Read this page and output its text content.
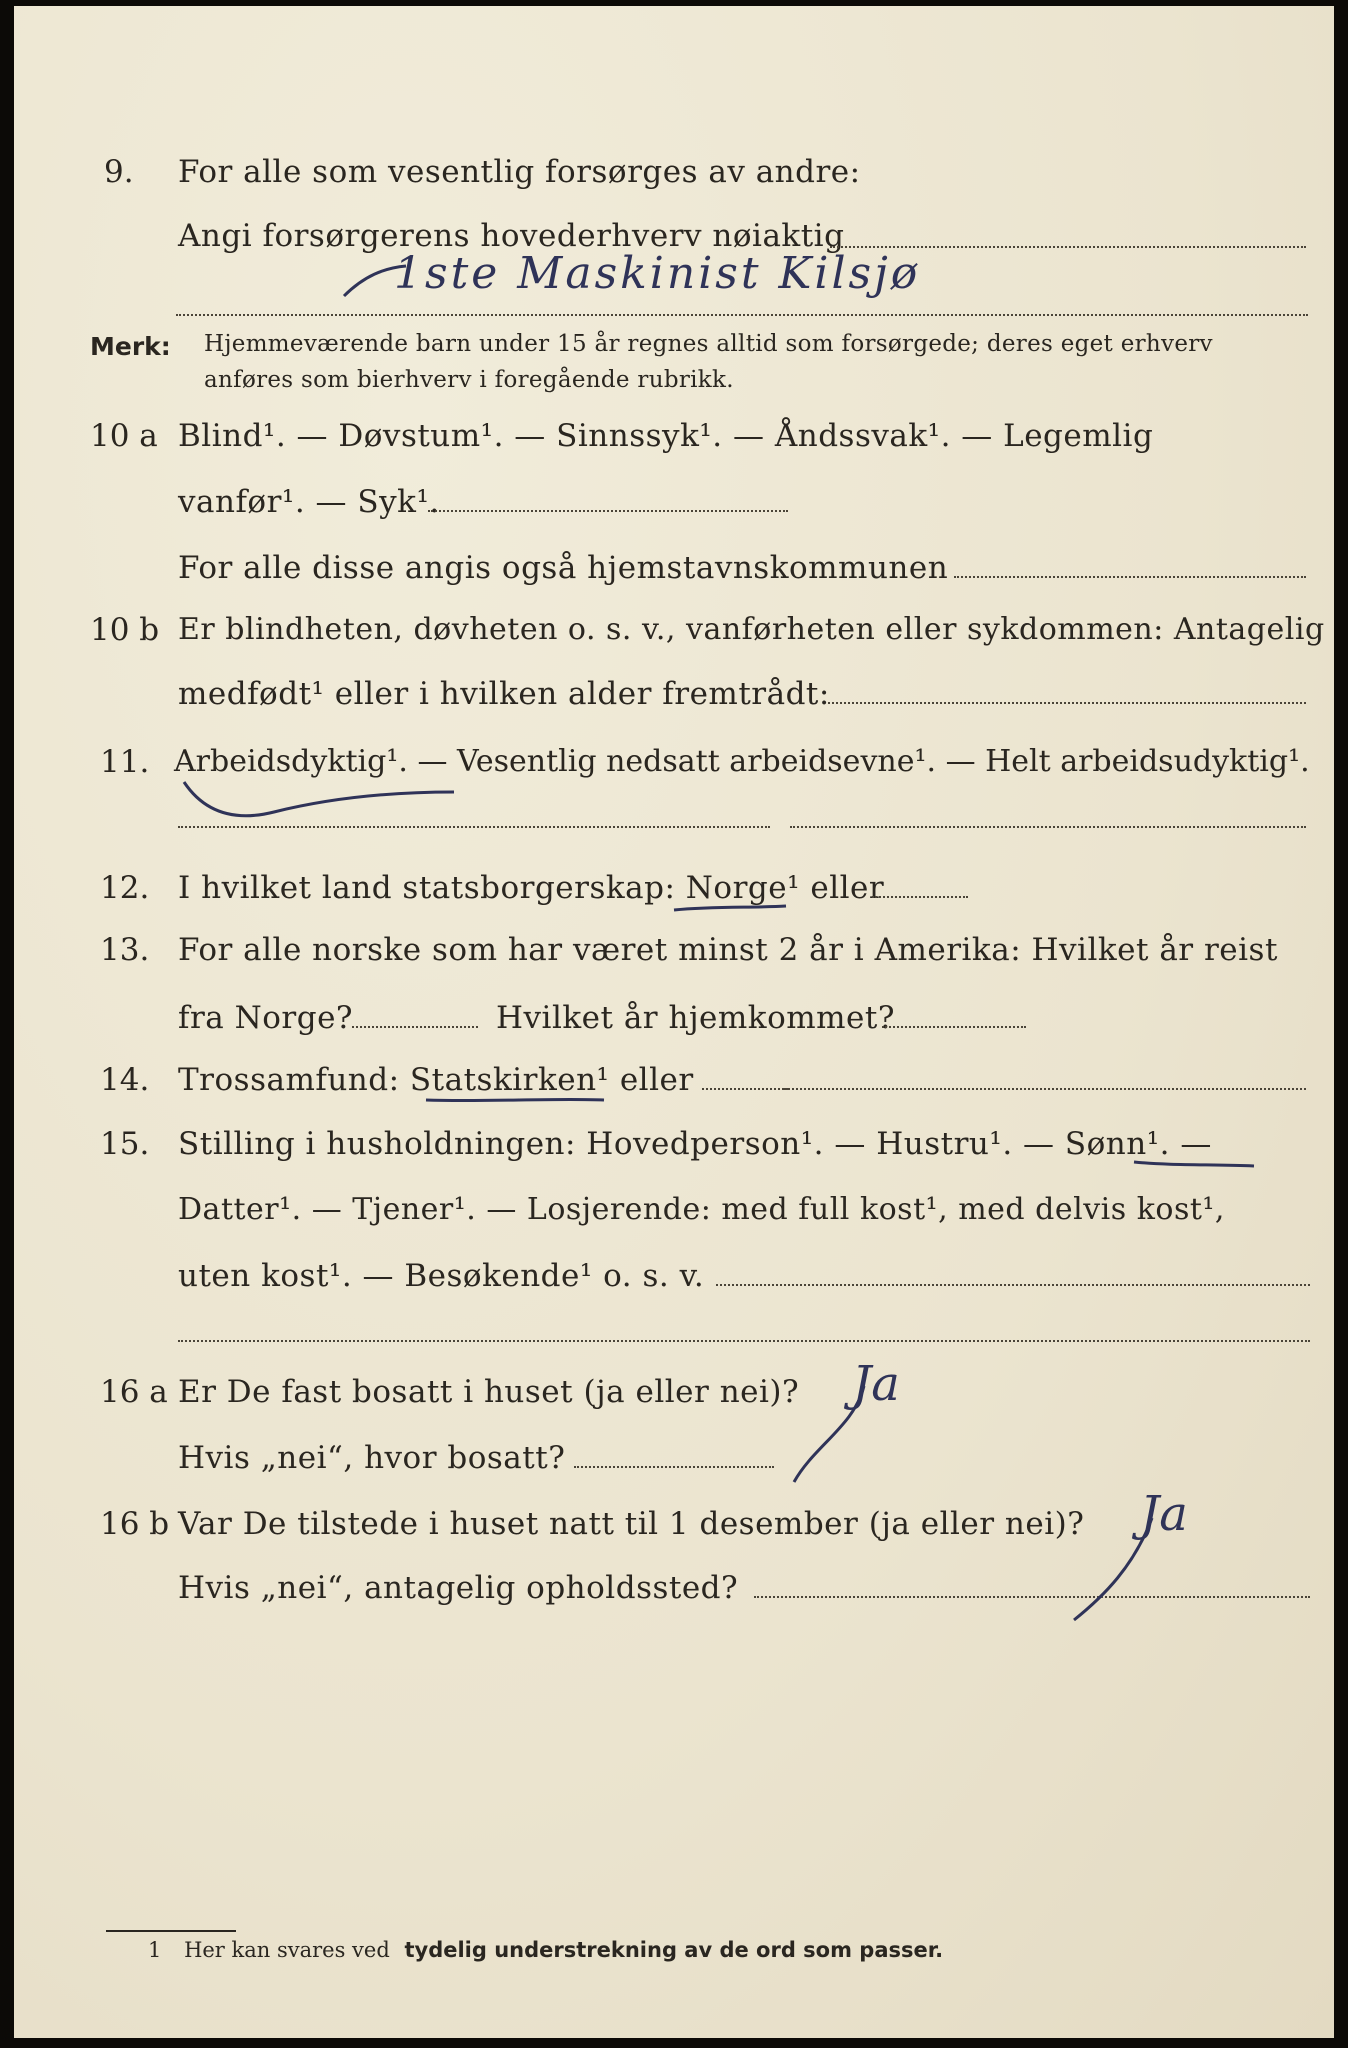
9. For alle som vesentlig forsørges av andre:
Angi forsørgerens hovederhverv nøiaktig
1ste Maskinist Kilsjø
Merk: Hjemmeværende barn under 15 år regnes alltid som forsørgede; deres eget erhverv
anføres som bierhverv i foregående rubrikk.
10 a Blind¹. — Døvstum¹. — Sinnssyk¹. — Åndssvak¹. — Legemlig
vanfør¹. — Syk¹.
For alle disse angis også hjemstavnskommunen
10 b Er blindheten, døvheten o. s. v., vanførheten eller sykdommen: Antagelig
medfødt¹ eller i hvilken alder fremtrådt:
11. Arbeidsdyktig¹. — Vesentlig nedsatt arbeidsevne¹. — Helt arbeidsudyktig¹.
12. I hvilket land statsborgerskap: Norge¹ eller
13. For alle norske som har været minst 2 år i Amerika: Hvilket år reist
fra Norge?	Hvilket år hjemkommet?
14. Trossamfund: Statskirken¹ eller
15. Stilling i husholdningen: Hovedperson¹. — Hustru¹. — Sønn¹. —
Datter¹. — Tjener¹. — Losjerende: med full kost¹, med delvis kost¹,
uten kost¹. — Besøkende¹ o. s. v.
16 a Er De fast bosatt i huset (ja eller nei)? Ja
Hvis „nei“, hvor bosatt?
16 b Var De tilstede i huset natt til 1 desember (ja eller nei)? Ja
Hvis „nei“, antagelig opholdssted?
1 Her kan svares ved tydelig understrekning av de ord som passer.
